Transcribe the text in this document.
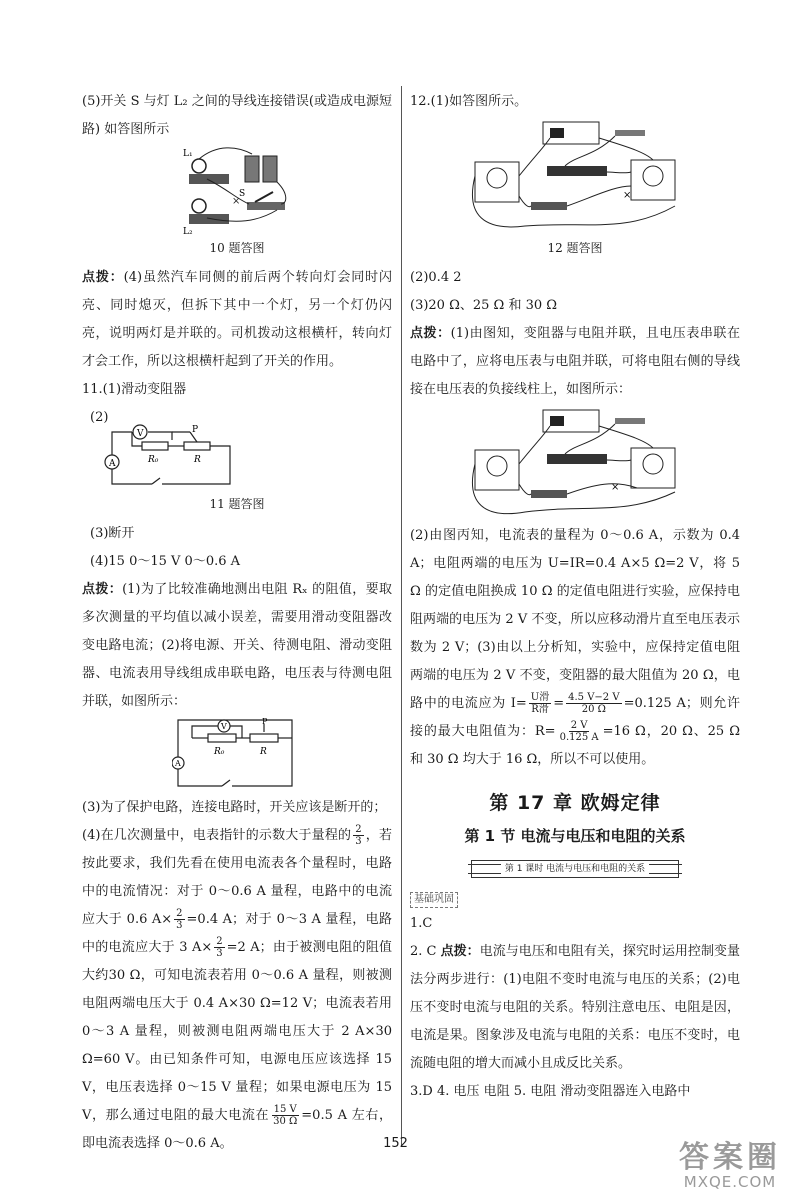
(5)开关 S 与灯 L₂ 之间的导线连接错误(或造成电源短路) 如答图所示

×
L₁
L₂
S
10 题答图

点拨：(4)虽然汽车同侧的前后两个转向灯会同时闪亮、同时熄灭，但拆下其中一个灯，另一个灯仍闪亮，说明两灯是并联的。司机拨动这根横杆，转向灯才会工作，所以这根横杆起到了开关的作用。

11.(1)滑动变阻器

(2)

V
A	R₀	R
P
11 题答图

(3)断开

(4)15 0～15 V 0～0.6 A

点拨：(1)为了比较准确地测出电阻 Rₓ 的阻值，要取多次测量的平均值以减小误差，需要用滑动变阻器改变电路电流；(2)将电源、开关、待测电阻、滑动变阻器、电流表用导线组成串联电路，电压表与待测电阻并联，如图所示：

V
A
R₀	R
P

(3)为了保护电路，连接电路时，开关应该是断开的；

(4)在几次测量中，电表指针的示数大于量程的 $\frac{2}{3}$ ，若按此要求，我们先看在使用电流表各个量程时，电路中的电流情况：对于 0～0.6 A 量程，电路中的电流应大于 0.6 $A\times \frac{2}{3} =0.4$ A；对于 0～3 A 量程，电路中的电流应大于 3 $A\times \frac{2}{3} =2$ A；由于被测电阻的阻值大约30 Ω，可知电流表若用 0～0.6 A 量程，则被测电阻两端电压大于 0.4 A×30 Ω=12 V；电流表若用 0～3 A 量程，则被测电阻两端电压大于 2 A×30 Ω=60 V。由已知条件可知，电源电压应该选择 15 V，电压表选择 0～15 V 量程；如果电源电压为 15 V，那么通过电阻的最大电流在 $\frac{15 V}{30 \Omega} =0.5$ A 左右，即电流表选择 0～0.6 A。

12.(1)如答图所示。

×
12 题答图

(2)0.4 2

(3)20 Ω、25 Ω 和 30 Ω

点拨：(1)由图知，变阻器与电阻并联，且电压表串联在电路中了，应将电压表与电阻并联，可将电阻右侧的导线接在电压表的负接线柱上，如图所示：

×

(2)由图丙知，电流表的量程为 0～0.6 A，示数为 0.4 A；电阻两端的电压为 U=IR=0.4 A×5 Ω=2 V，将 5 Ω 的定值电阻换成 10 Ω 的定值电阻进行实验，应保持电阻两端的电压为 2 V 不变，所以应移动滑片直至电压表示数为 2 V；(3)由以上分析知，实验中，应保持定值电阻两端的电压为 2 V 不变，变阻器的最大阻值为 20 Ω，电路中的电流应为 $I= \frac{\text{U滑}}{\text{R滑}} = \frac{4.5 V-2 V}{20 \Omega} =0.125$ A；则允许接的最大电阻值为：$R= \frac{2 V}{0.125 A} =16$ Ω，20 Ω、25 Ω 和 30 Ω 均大于 16 Ω，所以不可以使用。

第 17 章 欧姆定律
第 1 节 电流与电压和电阻的关系
第 1 课时 电流与电压和电阻的关系
基础巩固

1.C

2. C 点拨：电流与电压和电阻有关，探究时运用控制变量法分两步进行：(1)电阻不变时电流与电压的关系；(2)电压不变时电流与电阻的关系。特别注意电压、电阻是因，电流是果。图象涉及电流与电阻的关系：电压不变时，电流随电阻的增大而减小且成反比关系。

3.D 4. 电压 电阻 5. 电阻 滑动变阻器连入电路中

152	答案圈
MXQE.COM
